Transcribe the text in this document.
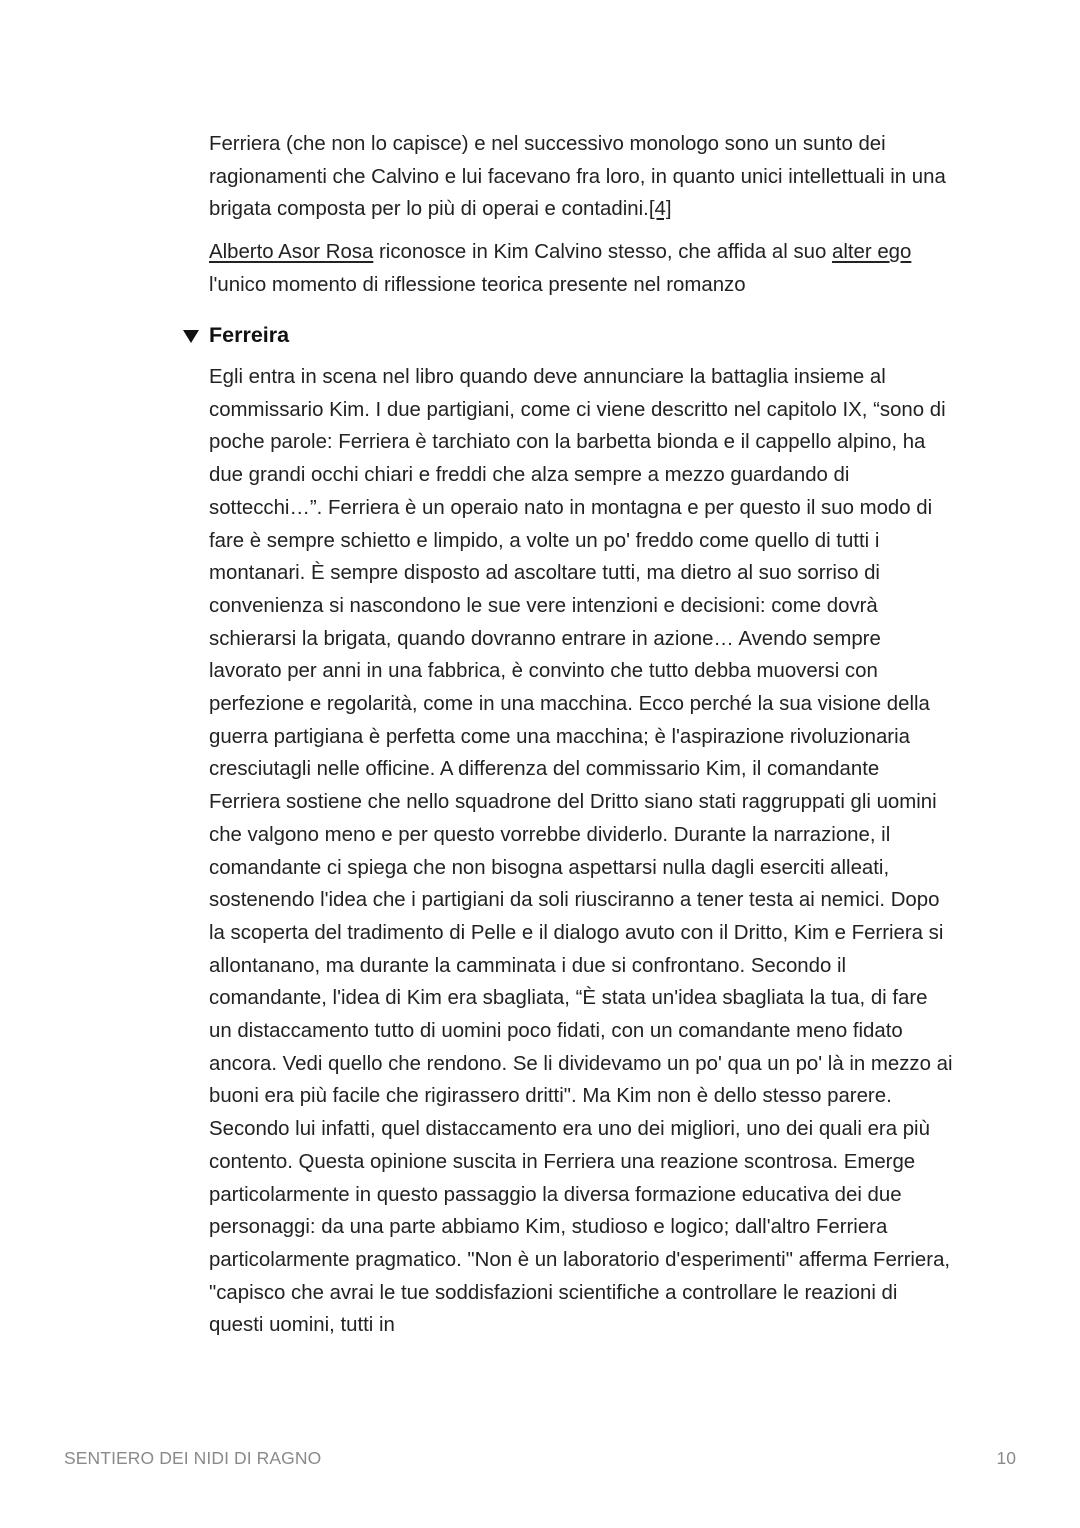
Ferriera (che non lo capisce) e nel successivo monologo sono un sunto dei ragionamenti che Calvino e lui facevano fra loro, in quanto unici intellettuali in una brigata composta per lo più di operai e contadini.[4]

Alberto Asor Rosa riconosce in Kim Calvino stesso, che affida al suo alter ego l'unico momento di riflessione teorica presente nel romanzo

Ferreira

Egli entra in scena nel libro quando deve annunciare la battaglia insieme al commissario Kim. I due partigiani, come ci viene descritto nel capitolo IX, “sono di poche parole: Ferriera è tarchiato con la barbetta bionda e il cappello alpino, ha due grandi occhi chiari e freddi che alza sempre a mezzo guardando di sottecchi…”. Ferriera è un operaio nato in montagna e per questo il suo modo di fare è sempre schietto e limpido, a volte un po' freddo come quello di tutti i montanari. È sempre disposto ad ascoltare tutti, ma dietro al suo sorriso di convenienza si nascondono le sue vere intenzioni e decisioni: come dovrà schierarsi la brigata, quando dovranno entrare in azione… Avendo sempre lavorato per anni in una fabbrica, è convinto che tutto debba muoversi con perfezione e regolarità, come in una macchina. Ecco perché la sua visione della guerra partigiana è perfetta come una macchina; è l'aspirazione rivoluzionaria cresciutagli nelle officine. A differenza del commissario Kim, il comandante Ferriera sostiene che nello squadrone del Dritto siano stati raggruppati gli uomini che valgono meno e per questo vorrebbe dividerlo. Durante la narrazione, il comandante ci spiega che non bisogna aspettarsi nulla dagli eserciti alleati, sostenendo l'idea che i partigiani da soli riusciranno a tener testa ai nemici. Dopo la scoperta del tradimento di Pelle e il dialogo avuto con il Dritto, Kim e Ferriera si allontanano, ma durante la camminata i due si confrontano. Secondo il comandante, l'idea di Kim era sbagliata, “È stata un'idea sbagliata la tua, di fare un distaccamento tutto di uomini poco fidati, con un comandante meno fidato ancora. Vedi quello che rendono. Se li dividevamo un po' qua un po' là in mezzo ai buoni era più facile che rigirassero dritti". Ma Kim non è dello stesso parere. Secondo lui infatti, quel distaccamento era uno dei migliori, uno dei quali era più contento. Questa opinione suscita in Ferriera una reazione scontrosa. Emerge particolarmente in questo passaggio la diversa formazione educativa dei due personaggi: da una parte abbiamo Kim, studioso e logico; dall'altro Ferriera particolarmente pragmatico. "Non è un laboratorio d'esperimenti" afferma Ferriera, "capisco che avrai le tue soddisfazioni scientifiche a controllare le reazioni di questi uomini, tutti in

SENTIERO DEI NIDI DI RAGNO	10
